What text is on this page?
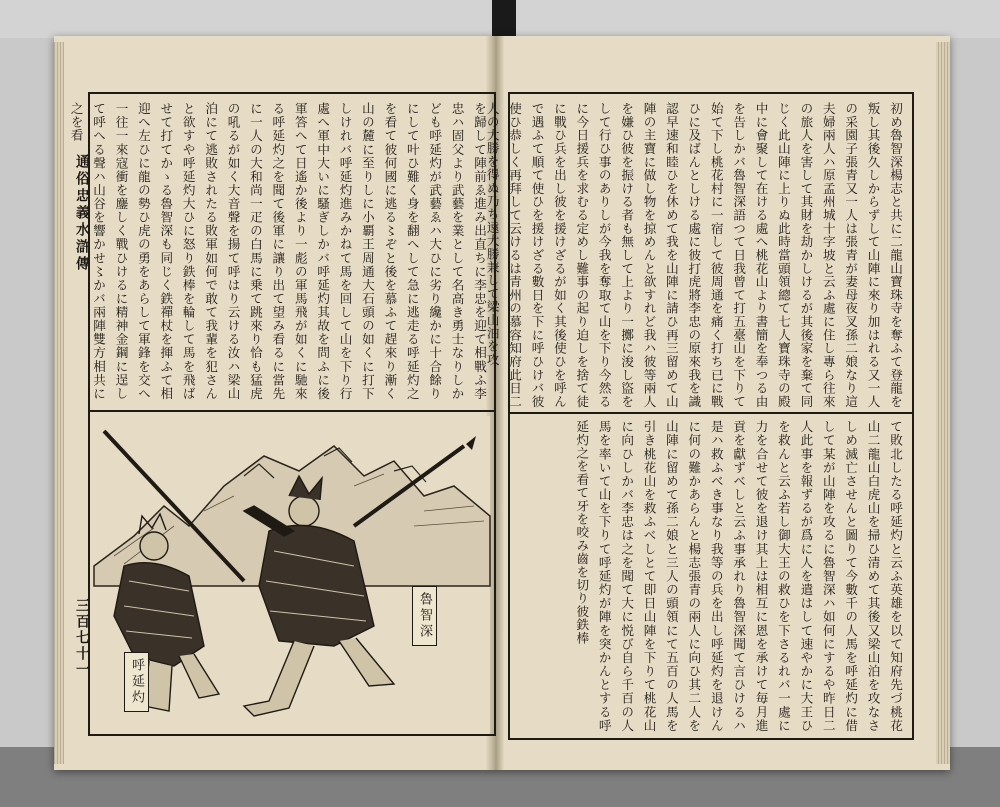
通俗忠義水滸傳
三百七十一

を歸して陣前ゑ進み出直ちに李忠を迎て相戰ふ李忠ハ固父より武藝を業として名高き勇士なりしかども呼延灼が武藝ゑハ大ひに劣り纔かに十合餘りにして叶ひ難く身を翻へして急に逃走る呼延灼之を看て彼何國に逃る〻ぞと後を慕ふて趕來り漸く山の麓に至りしに小覇王周通大石頭の如くに打下しけれバ呼延灼進みかねて馬を回して山を下り行處へ軍中大いに騷ぎしかバ呼延灼其故を問ふに後軍答へて日遙か後より一彪の軍馬飛が如くに馳來る呼延灼之を聞て後軍に讓り出て望み看るに當先に一人の大和尚一疋の白馬に乗て跳來り恰も猛虎の吼るが如く大音聲を揚て呼はり云ける汝ハ梁山泊にて逃敗されたる敗軍如何で敢て我輩を犯さんと欲すや呼延灼大ひに怒り鉄棒を輪して馬を飛ばせて打てかゝる魯智深も同じく鉄禪杖を揮ふて相迎へ左ひに龍の勢ひ虎の勇をあらして軍鋒を交へ一往一來寇衝を鏖しく戰ひけるに精神金鋼に逞して呼へる聲ハ山谷を響かせ〻かバ兩陣雙方相共に之を看

魯智深
呼延灼

初め魯智深楊志と共に二龍山寶珠寺を奪ふて登龍を叛し其後久しからずして山陣に來り加はれる又一人の采園子張青又一人は張青が妻母夜叉孫二娘なり這夫婦兩人ハ原孟州城十字坡と云ふ處に住し專ら往來の旅人を害して其財を劫かしけるが其後家を棄て同じく此山陣に上りぬ此時當頭領總て七人寶珠寺の殿中に會聚して在ける處へ桃花山より書簡を奉つる由を告しかバ魯智深語つて日我曾て打五臺山を下りて始て下し桃花村に一宿して彼周通を痛く打ち已に戰ひに及ばんとしける處に彼打虎將李忠の原來我を識認早速和睦ひを休めて我を山陣に請ひ再三留めて山陣の主寶に做し物を掠めんと欲すれど我ハ彼等兩人を嫌ひ彼を振ける者も無して上より一擲に浚し盜をして行ひ事のありしが今我を奪取て山を下り今然るに今日援兵を求むる定めし難事の起り迫しを捨て徒に戰ひ兵を出し彼を援けざるが如く其後使ひを呼んで遇ふて順て使ひを援けざる數日を下に呼ひけバ彼使ひ恭しく再拜して云けるは青州の慕容知府此日二人の大勝を得ぬ乃ち遠大勝兼して梁山泊を攻

て敗北したる呼延灼と云ふ英雄を以て知府先づ桃花山二龍山白虎山を掃ひ清めて其後又梁山泊を攻なさしめ滅亡させんと圖りて今數千の人馬を呼延灼に借して某が山陣を攻るに魯智深ハ如何にするや昨日二人此事を報ずるが爲に人を遣はして速やかに大王ひを救んと云ふ若し御大王の救ひを下さるれバ一處に力を合せて彼を退け其上は相互に恩を承けて毎月進貢を獻ずべしと云ふ事承れり魯智深聞て言ひけるハ是ハ救ふべき事なり我等の兵を出し呼延灼を退けんに何の難かあらんと楊志張青の兩人に向ひ其二人を山陣に留めて孫二娘と三人の頭領にて五百の人馬を引き桃花山を救ふべしとて即日山陣を下りて桃花山に向ひしかバ李忠は之を聞て大に悦び自ら千百の人馬を率いて山を下りて呼延灼が陣を突かんとする呼延灼之を看て牙を咬み齒を切り彼鉄棒
